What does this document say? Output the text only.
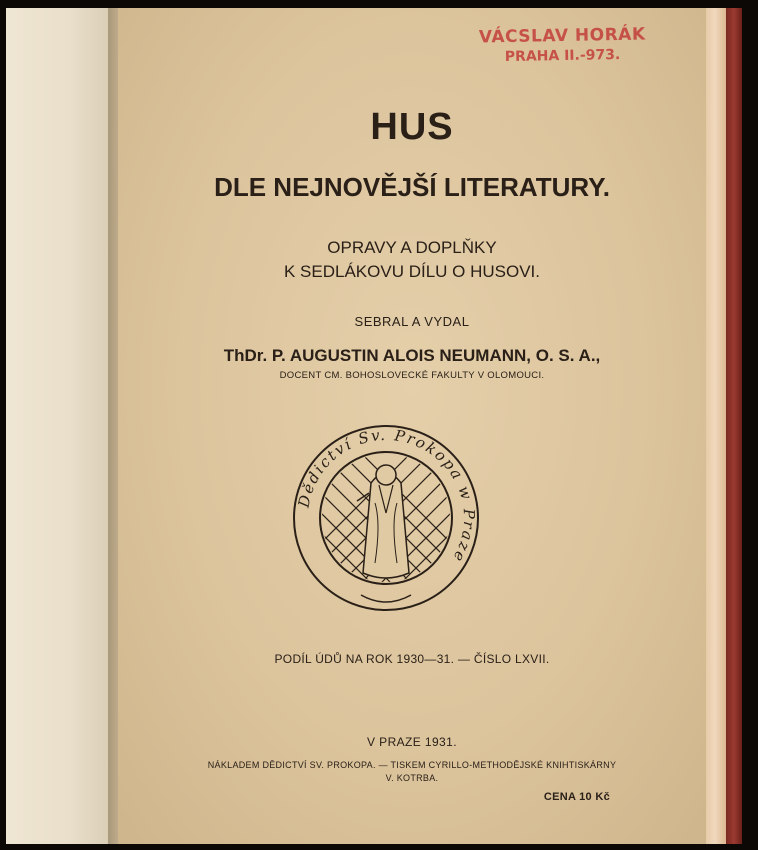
VÁCSLAV HORÁK
PRAHA II.-973.
HUS
DLE NEJNOVĚJŠÍ LITERATURY.
OPRAVY A DOPLŇKY
K SEDLÁKOVU DÍLU O HUSOVI.
SEBRAL A VYDAL
ThDr. P. AUGUSTIN ALOIS NEUMANN, O. S. A.,
DOCENT CM. BOHOSLOVECKÉ FAKULTY V OLOMOUCI.
Dědictví Sv. Prokopa w Praze
PODÍL ÚDŮ NA ROK 1930—31. — ČÍSLO LXVII.
V PRAZE 1931.
NÁKLADEM DĚDICTVÍ SV. PROKOPA. — TISKEM CYRILLO-METHODĚJSKÉ KNIHTISKÁRNY
V. KOTRBA.
CENA 10 Kč
